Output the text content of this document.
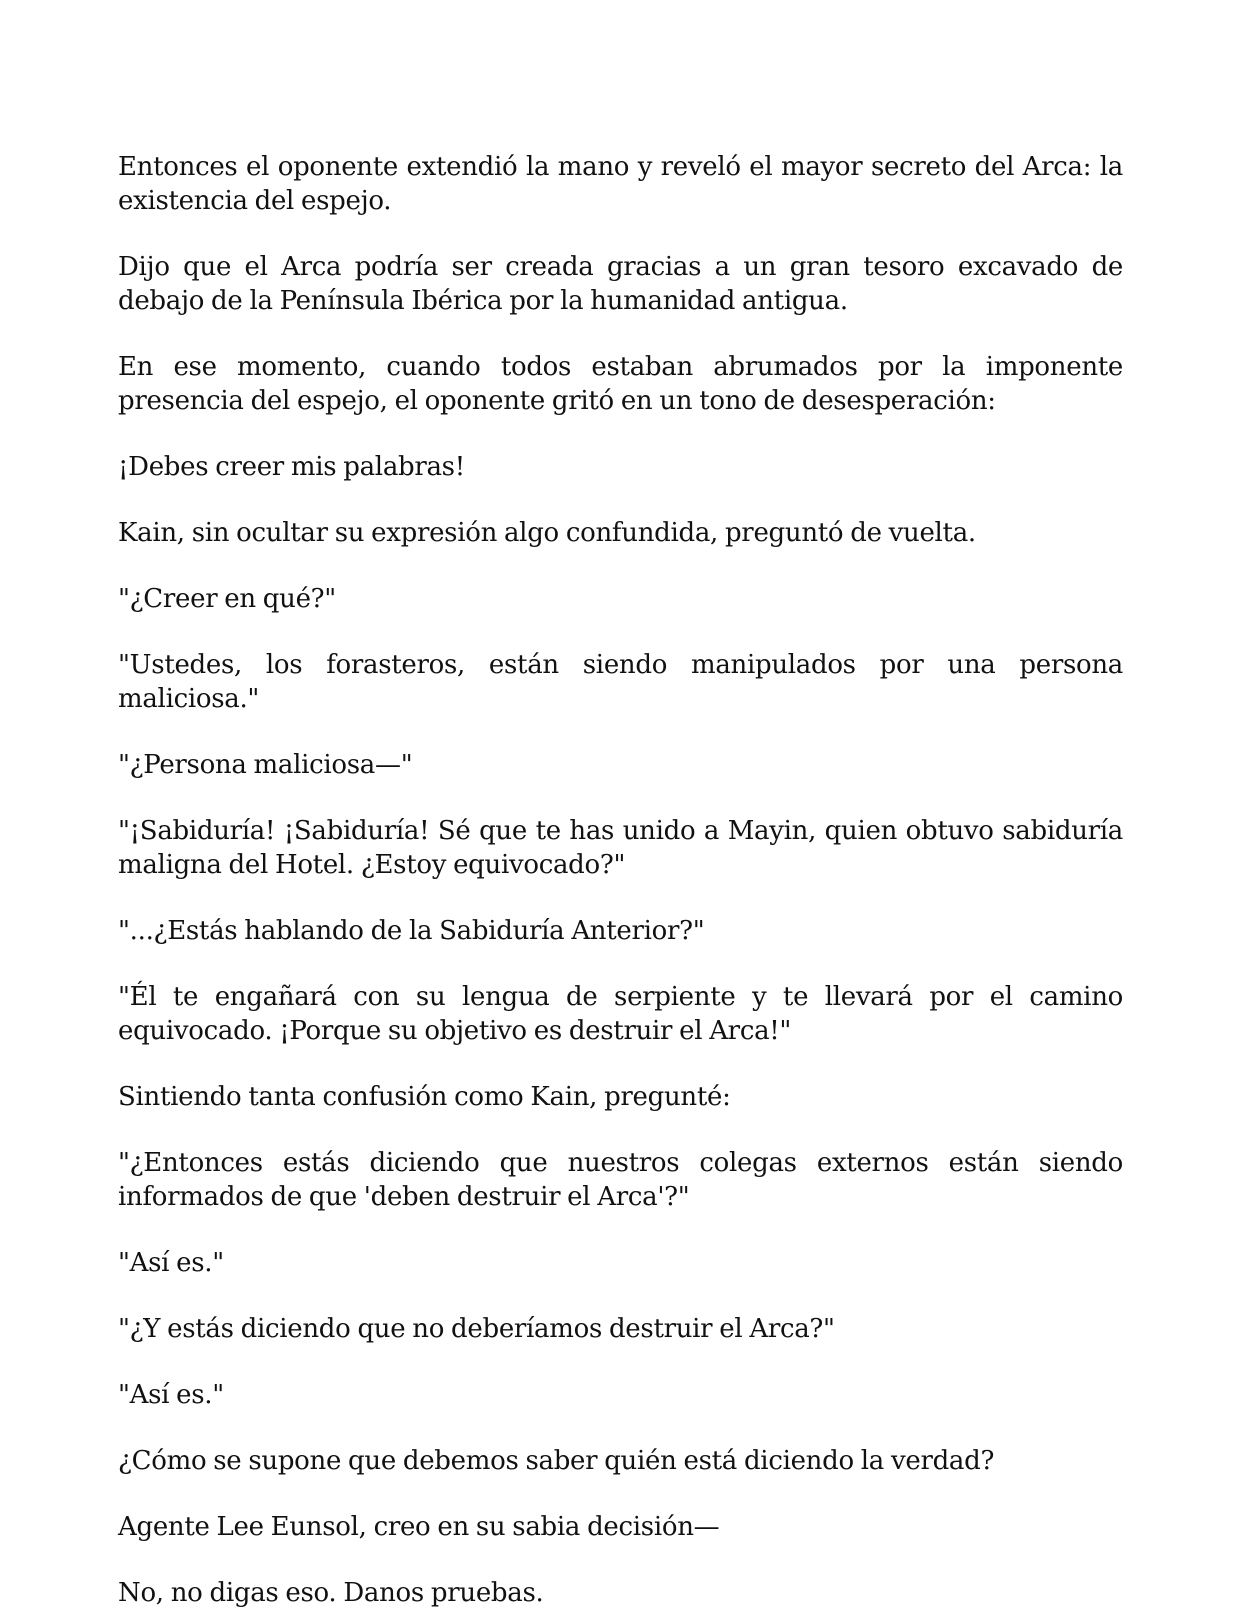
Entonces el oponente extendió la mano y reveló el mayor secreto del Arca: la existencia del espejo.

Dijo que el Arca podría ser creada gracias a un gran tesoro excavado de debajo de la Península Ibérica por la humanidad antigua.

En ese momento, cuando todos estaban abrumados por la imponente presencia del espejo, el oponente gritó en un tono de desesperación:

¡Debes creer mis palabras!

Kain, sin ocultar su expresión algo confundida, preguntó de vuelta.

"¿Creer en qué?"

"Ustedes, los forasteros, están siendo manipulados por una persona maliciosa."

"¿Persona maliciosa—"

"¡Sabiduría! ¡Sabiduría! Sé que te has unido a Mayin, quien obtuvo sabiduría maligna del Hotel. ¿Estoy equivocado?"

"...¿Estás hablando de la Sabiduría Anterior?"

"Él te engañará con su lengua de serpiente y te llevará por el camino equivocado. ¡Porque su objetivo es destruir el Arca!"

Sintiendo tanta confusión como Kain, pregunté:

"¿Entonces estás diciendo que nuestros colegas externos están siendo informados de que 'deben destruir el Arca'?"

"Así es."

"¿Y estás diciendo que no deberíamos destruir el Arca?"

"Así es."

¿Cómo se supone que debemos saber quién está diciendo la verdad?

Agente Lee Eunsol, creo en su sabia decisión—

No, no digas eso. Danos pruebas.
